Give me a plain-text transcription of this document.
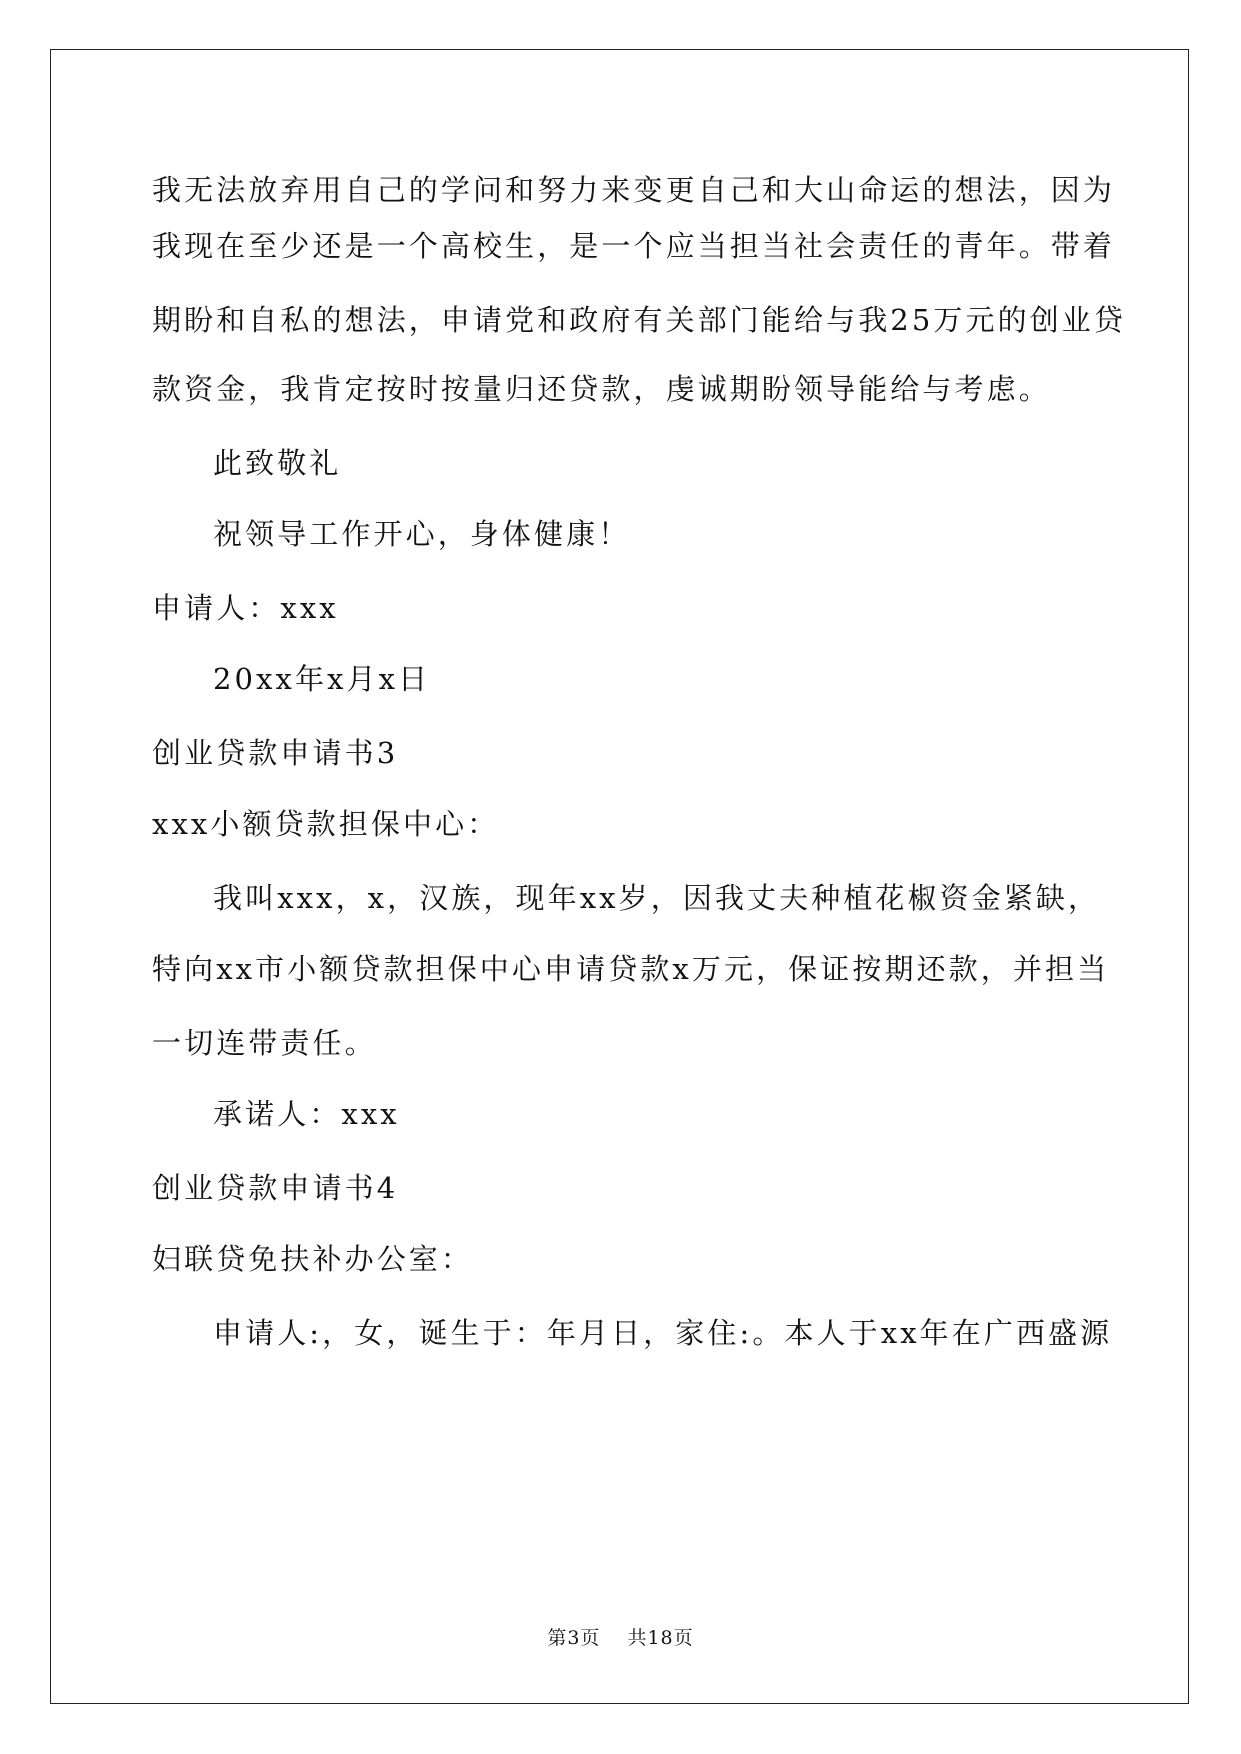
我无法放弃用自己的学问和努力来变更自己和大山命运的想法，因为
我现在至少还是一个高校生，是一个应当担当社会责任的青年。带着
期盼和自私的想法，申请党和政府有关部门能给与我25万元的创业贷
款资金，我肯定按时按量归还贷款，虔诚期盼领导能给与考虑。
此致敬礼
祝领导工作开心，身体健康！
申请人：xxx
20xx年x月x日
创业贷款申请书3
xxx小额贷款担保中心：
我叫xxx，x，汉族，现年xx岁，因我丈夫种植花椒资金紧缺，
特向xx市小额贷款担保中心申请贷款x万元，保证按期还款，并担当
一切连带责任。
承诺人：xxx
创业贷款申请书4
妇联贷免扶补办公室：
申请人:，女，诞生于：年月日，家住:。本人于xx年在广西盛源
第3页 共18页
